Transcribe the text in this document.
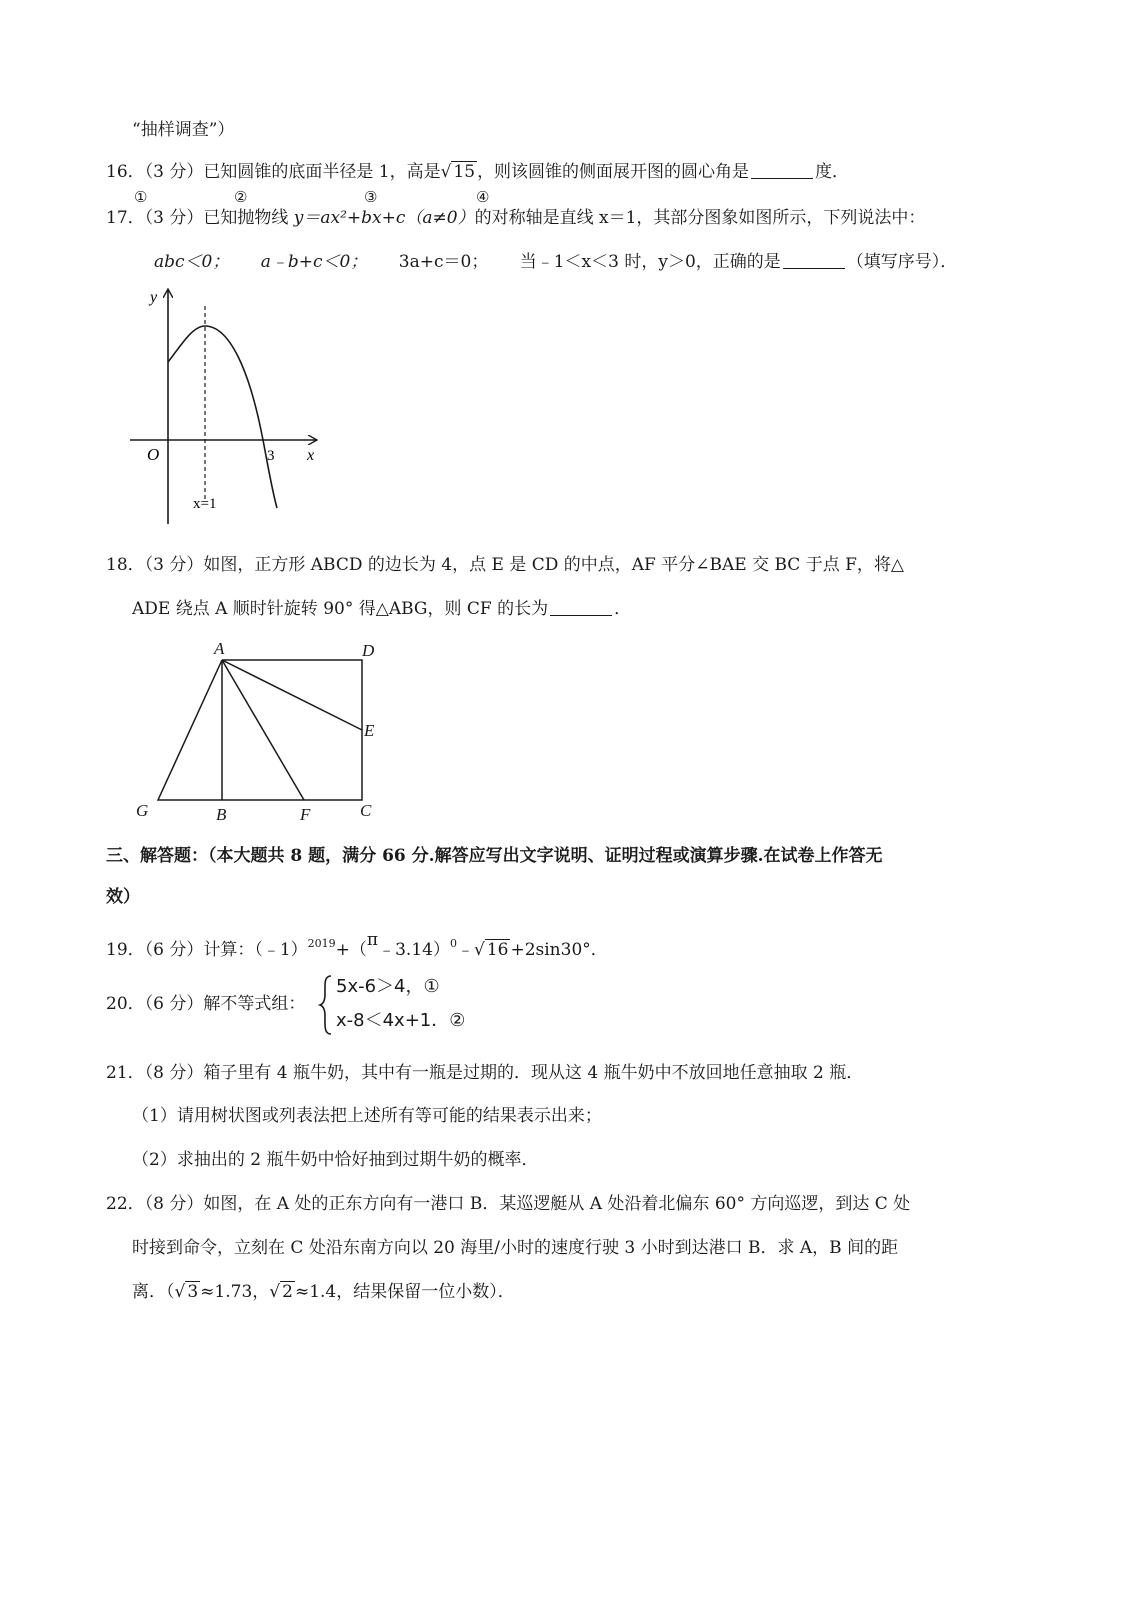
“抽样调查”）
16．（3 分）已知圆锥的底面半径是 1，高是√ 15 ，则该圆锥的侧面展开图的圆心角是	度．
①	②	③	④
17．（3 分）已知抛物线 y＝ax²+bx+c（a≠0）的对称轴是直线 x＝1，其部分图象如图所示，下列说法中：
abc＜0； a﹣b+c＜0； 3a+c＝0； 当﹣1＜x＜3 时，y＞0，正确的是	（填写序号）．
y
x
O	3
x=1
18．（3 分）如图，正方形 ABCD 的边长为 4，点 E 是 CD 的中点，AF 平分∠BAE 交 BC 于点 F，将△
ADE 绕点 A 顺时针旋转 90° 得△ABG，则 CF 的长为	．
A	D
E
G	B	F	C
三、解答题：（本大题共 8 题，满分 66 分.解答应写出文字说明、证明过程或演算步骤.在试卷上作答无
效）
19．（6 分）计算：（﹣1）$^{2019}$+（π﹣3.14）$^0$﹣√ 16 +2sin30°．
20．（6 分）解不等式组：
5x-6＞4，①
x-8＜4x+1．②
21．（8 分）箱子里有 4 瓶牛奶，其中有一瓶是过期的．现从这 4 瓶牛奶中不放回地任意抽取 2 瓶．
（1）请用树状图或列表法把上述所有等可能的结果表示出来；
（2）求抽出的 2 瓶牛奶中恰好抽到过期牛奶的概率．
22．（8 分）如图，在 A 处的正东方向有一港口 B．某巡逻艇从 A 处沿着北偏东 60° 方向巡逻，到达 C 处
时接到命令，立刻在 C 处沿东南方向以 20 海里/小时的速度行驶 3 小时到达港口 B．求 A，B 间的距
离．（√ 3 ≈1.73，√ 2 ≈1.4，结果保留一位小数）．
